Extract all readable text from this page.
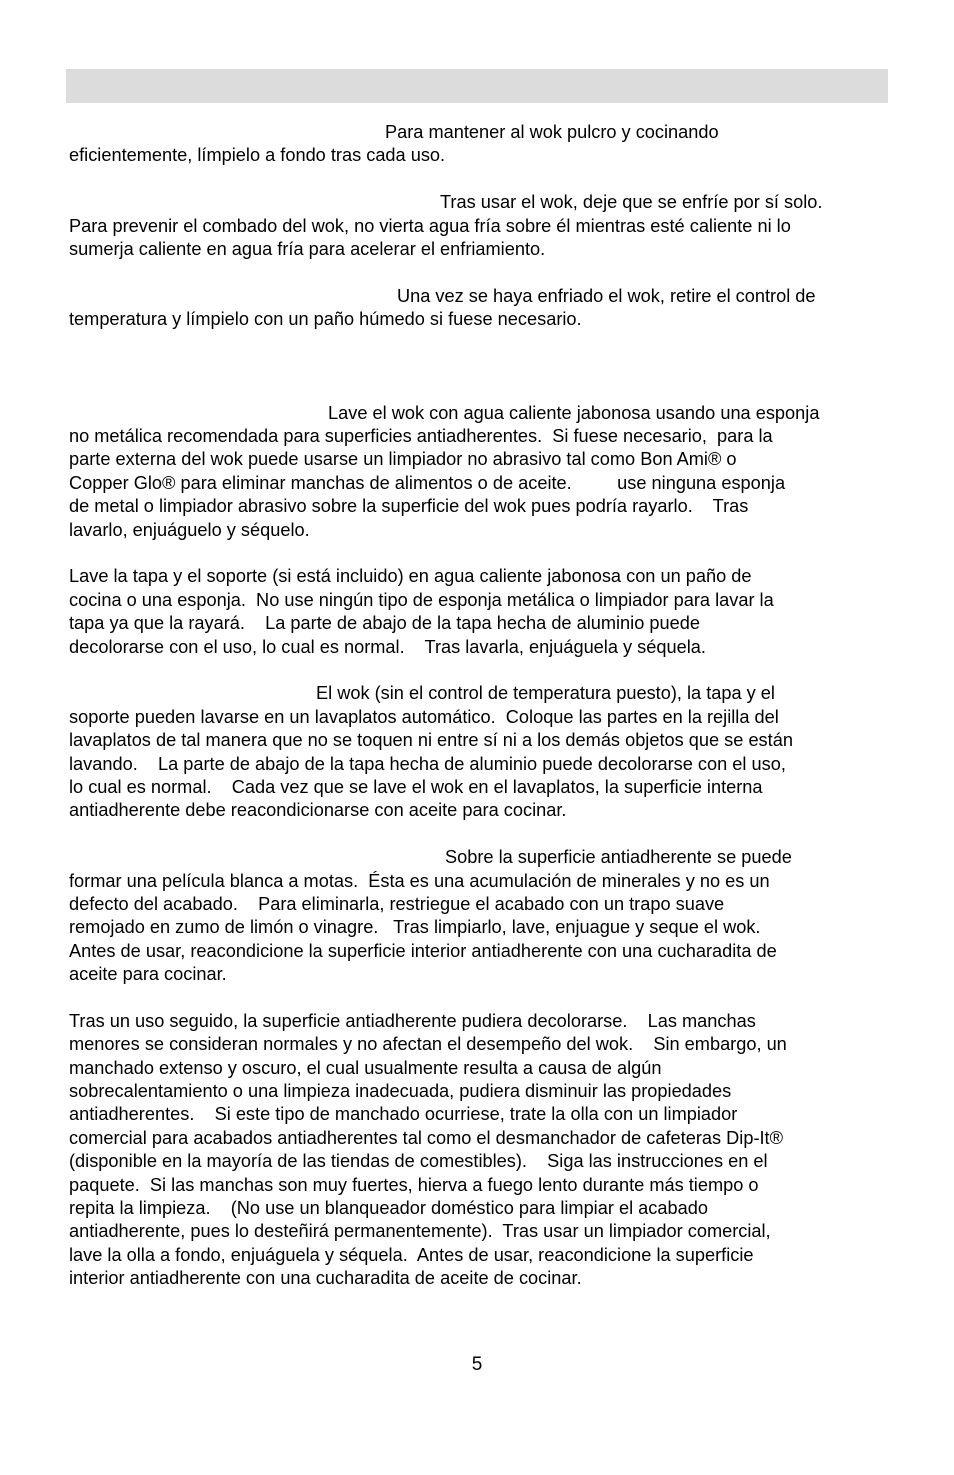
Para mantener al wok pulcro y cocinando
eficientemente, límpielo a fondo tras cada uso.
Tras usar el wok, deje que se enfríe por sí solo.
Para prevenir el combado del wok, no vierta agua fría sobre él mientras esté caliente ni lo
sumerja caliente en agua fría para acelerar el enfriamiento.
Una vez se haya enfriado el wok, retire el control de
temperatura y límpielo con un paño húmedo si fuese necesario.
Lave el wok con agua caliente jabonosa usando una esponja
no metálica recomendada para superficies antiadherentes.  Si fuese necesario,  para la
parte externa del wok puede usarse un limpiador no abrasivo tal como Bon Ami® o
Copper Glo® para eliminar manchas de alimentos o de aceite.         use ninguna esponja
de metal o limpiador abrasivo sobre la superficie del wok pues podría rayarlo.    Tras
lavarlo, enjuáguelo y séquelo.
Lave la tapa y el soporte (si está incluido) en agua caliente jabonosa con un paño de
cocina o una esponja.  No use ningún tipo de esponja metálica o limpiador para lavar la
tapa ya que la rayará.    La parte de abajo de la tapa hecha de aluminio puede
decolorarse con el uso, lo cual es normal.    Tras lavarla, enjuáguela y séquela.
El wok (sin el control de temperatura puesto), la tapa y el
soporte pueden lavarse en un lavaplatos automático.  Coloque las partes en la rejilla del
lavaplatos de tal manera que no se toquen ni entre sí ni a los demás objetos que se están
lavando.    La parte de abajo de la tapa hecha de aluminio puede decolorarse con el uso,
lo cual es normal.    Cada vez que se lave el wok en el lavaplatos, la superficie interna
antiadherente debe reacondicionarse con aceite para cocinar.
Sobre la superficie antiadherente se puede
formar una película blanca a motas.  Ésta es una acumulación de minerales y no es un
defecto del acabado.    Para eliminarla, restriegue el acabado con un trapo suave
remojado en zumo de limón o vinagre.   Tras limpiarlo, lave, enjuague y seque el wok.
Antes de usar, reacondicione la superficie interior antiadherente con una cucharadita de
aceite para cocinar.
Tras un uso seguido, la superficie antiadherente pudiera decolorarse.    Las manchas
menores se consideran normales y no afectan el desempeño del wok.    Sin embargo, un
manchado extenso y oscuro, el cual usualmente resulta a causa de algún
sobrecalentamiento o una limpieza inadecuada, pudiera disminuir las propiedades
antiadherentes.    Si este tipo de manchado ocurriese, trate la olla con un limpiador
comercial para acabados antiadherentes tal como el desmanchador de cafeteras Dip-It®
(disponible en la mayoría de las tiendas de comestibles).    Siga las instrucciones en el
paquete.  Si las manchas son muy fuertes, hierva a fuego lento durante más tiempo o
repita la limpieza.    (No use un blanqueador doméstico para limpiar el acabado
antiadherente, pues lo desteñirá permanentemente).  Tras usar un limpiador comercial,
lave la olla a fondo, enjuáguela y séquela.  Antes de usar, reacondicione la superficie
interior antiadherente con una cucharadita de aceite de cocinar.
5
